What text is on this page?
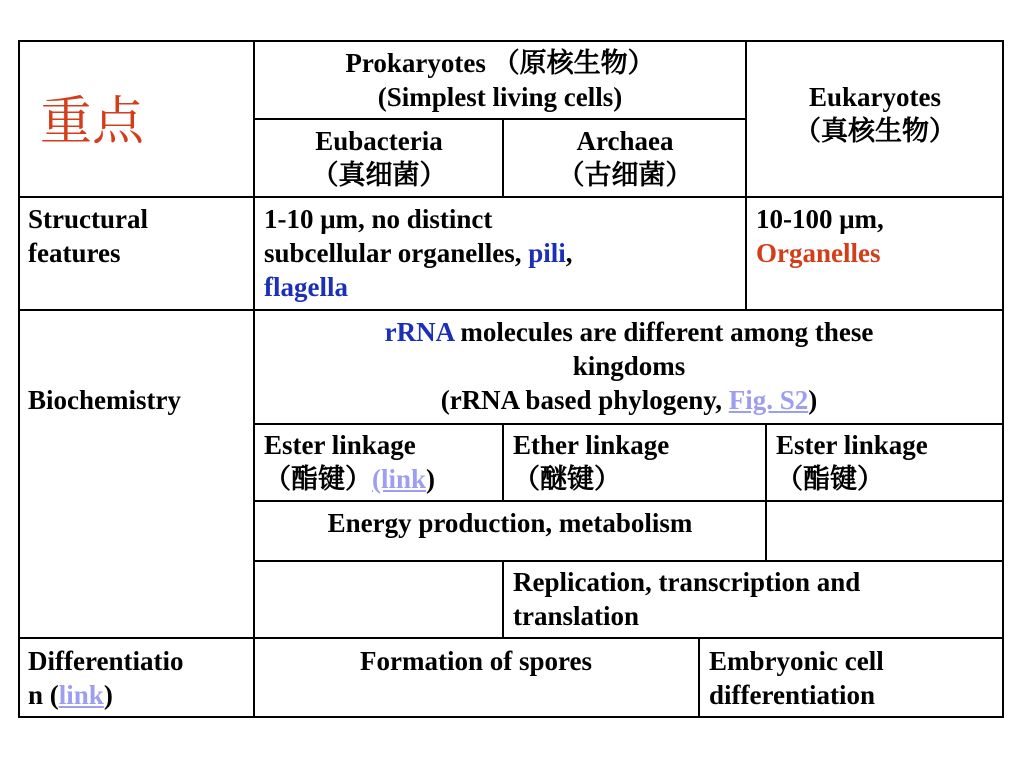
重点
Prokaryotes （原核生物）
(Simplest living cells)	Eukaryotes
（真核生物）
Eubacteria
（真细菌）
Archaea
（古细菌）
Structural
features
1-10 μm, no distinct
subcellular organelles, pili,
flagella
10-100 μm,
Organelles
Biochemistry
rRNA molecules are different among these
kingdoms
(rRNA based phylogeny, Fig. S2)
Ester linkage
（酯键）(link)
Ether linkage
（醚键）
Ester linkage
（酯键）
Energy production, metabolism
Replication, transcription and
translation
Differentiatio
n (link)
Formation of spores	Embryonic cell
differentiation
